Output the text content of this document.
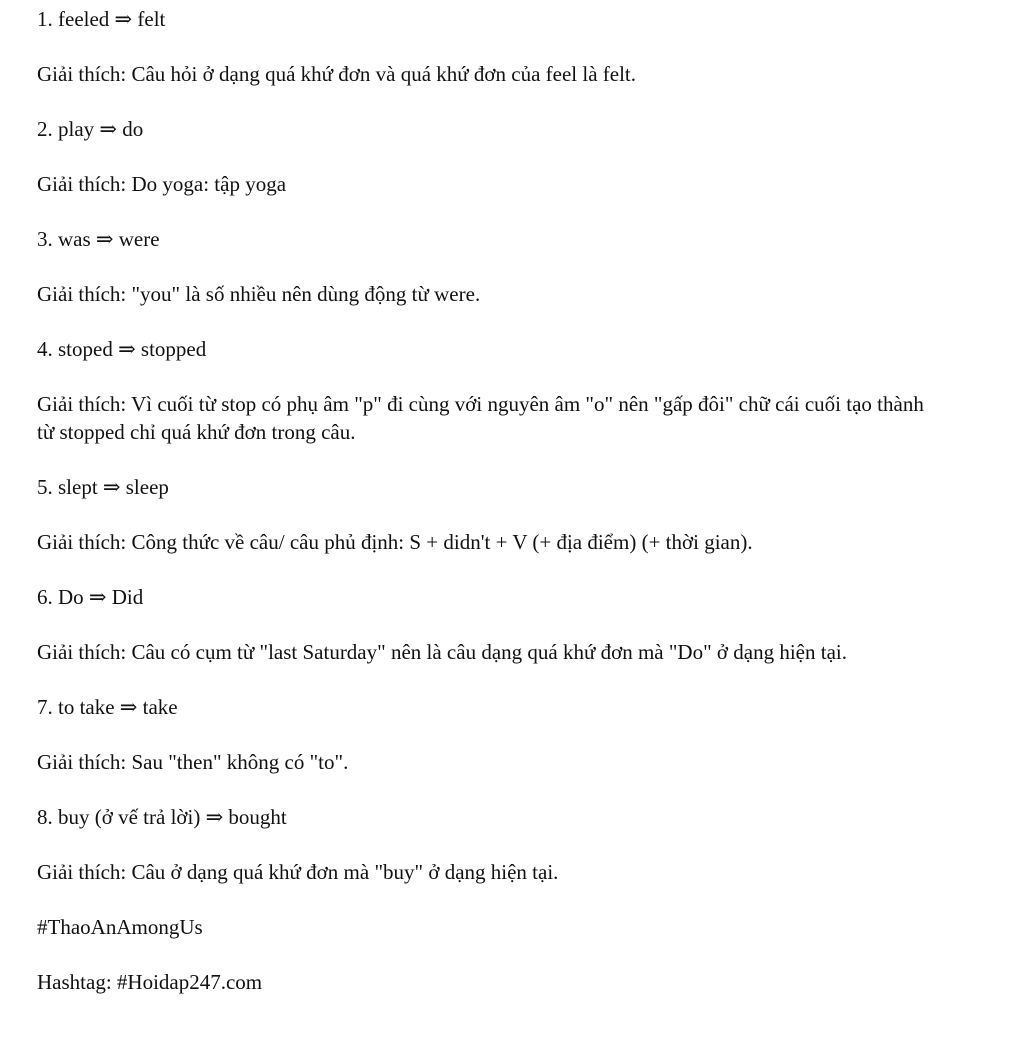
1. feeled ⇒ felt

Giải thích: Câu hỏi ở dạng quá khứ đơn và quá khứ đơn của feel là felt.

2. play ⇒ do

Giải thích: Do yoga: tập yoga

3. was ⇒ were

Giải thích: "you" là số nhiều nên dùng động từ were.

4. stoped ⇒ stopped

Giải thích: Vì cuối từ stop có phụ âm "p" đi cùng với nguyên âm "o" nên "gấp đôi" chữ cái cuối tạo thành từ stopped chỉ quá khứ đơn trong câu.

5. slept ⇒ sleep

Giải thích: Công thức về câu/ câu phủ định: S + didn't + V (+ địa điểm) (+ thời gian).

6. Do ⇒ Did

Giải thích: Câu có cụm từ "last Saturday" nên là câu dạng quá khứ đơn mà "Do" ở dạng hiện tại.

7. to take ⇒ take

Giải thích: Sau "then" không có "to".

8. buy (ở vế trả lời) ⇒ bought

Giải thích: Câu ở dạng quá khứ đơn mà "buy" ở dạng hiện tại.

#ThaoAnAmongUs

Hashtag: #Hoidap247.com
